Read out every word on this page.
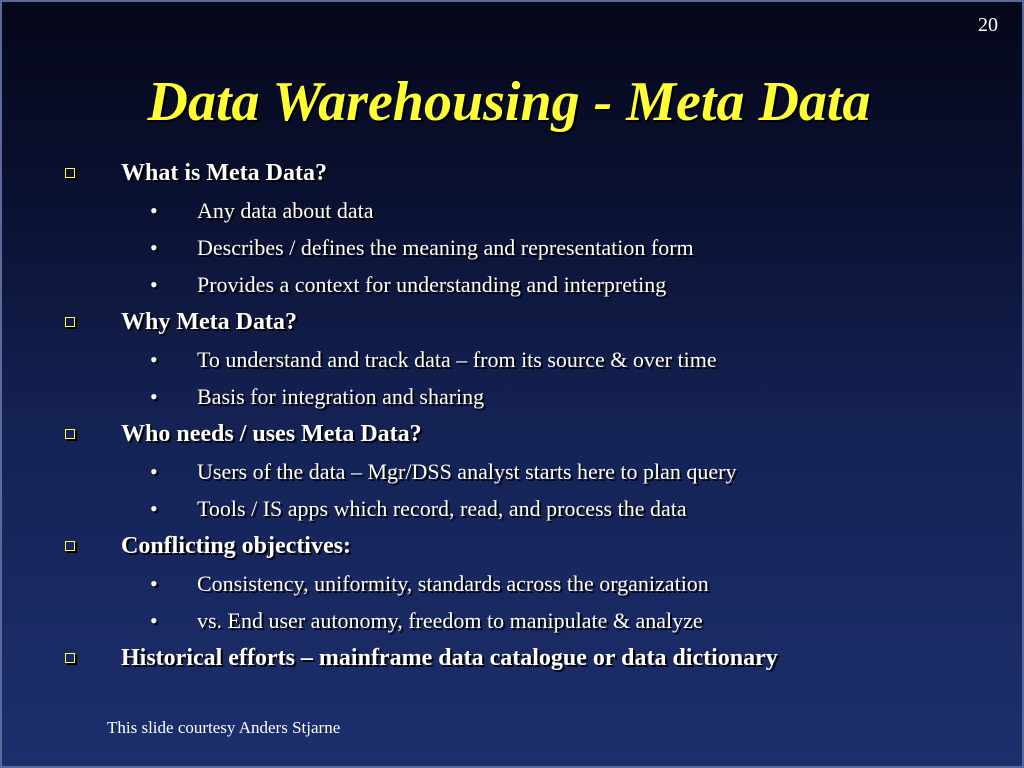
20
Data Warehousing - Meta Data
What is Meta Data?
• Any data about data
• Describes / defines the meaning and representation form
• Provides a context for understanding and interpreting
Why Meta Data?
• To understand and track data – from its source & over time
• Basis for integration and sharing
Who needs / uses Meta Data?
• Users of the data – Mgr/DSS analyst starts here to plan query
• Tools / IS apps which record, read, and process the data
Conflicting objectives:
• Consistency, uniformity, standards across the organization
• vs. End user autonomy, freedom to manipulate & analyze
Historical efforts – mainframe data catalogue or data dictionary
This slide courtesy Anders Stjarne
